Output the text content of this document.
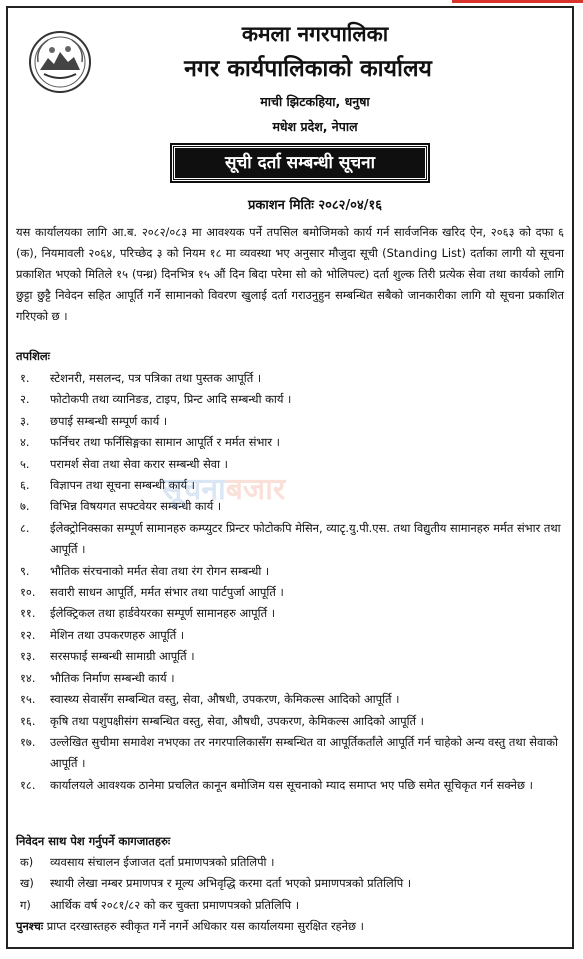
कमला नगरपालिका
नगर कार्यपालिकाको कार्यालय
माची झिटकहिया, धनुषा
मधेश प्रदेश, नेपाल
सूची दर्ता सम्बन्धी सूचना
प्रकाशन मितिः २०८२/०४/१६
यस कार्यालयका लागि आ.ब. २०८२/०८३ मा आवश्यक पर्ने तपसिल बमोजिमको कार्य गर्न सार्वजनिक खरिद ऐन, २०६३ को दफा ६ (क), नियमावली २०६४, परिच्छेद ३ को नियम १८ मा व्यवस्था भए अनुसार मौजुदा सूची (Standing List) दर्ताका लागी यो सूचना प्रकाशित भएको मितिले १५ (पन्ध्र) दिनभित्र १५ औं दिन बिदा परेमा सो को भोलिपल्ट) दर्ता शुल्क तिरी प्रत्येक सेवा तथा कार्यको लागि छुट्टा छुट्टै निवेदन सहित आपूर्ति गर्ने सामानको विवरण खुलाई दर्ता गराउनुहुन सम्बन्धित सबैको जानकारीका लागि यो सूचना प्रकाशित गरिएको छ ।
तपशिलः
१.	स्टेशनरी, मसलन्द, पत्र पत्रिका तथा पुस्तक आपूर्ति ।
२.	फोटोकपी तथा व्यानिङड, टाइप, प्रिन्ट आदि सम्बन्धी कार्य ।
३.	छपाई सम्बन्धी सम्पूर्ण कार्य ।
४.	फर्निचर तथा फर्निसिङ्गका सामान आपूर्ति र मर्मत संभार ।
५.	परामर्श सेवा तथा सेवा करार सम्बन्धी सेवा ।
६.	विज्ञापन तथा सूचना सम्बन्धी कार्य ।
७.	विभिन्न विषयगत सफ्टवेयर सम्बन्धी कार्य ।
८.	ईलेक्ट्रोनिक्सका सम्पूर्ण सामानहरु कम्प्युटर प्रिन्टर फोटोकपि मेसिन, व्याटृ.यु.पी.एस. तथा विद्युतीय सामानहरु मर्मत संभार तथा आपूर्ति ।
९.	भौतिक संरचनाको मर्मत सेवा तथा रंग रोगन सम्बन्धी ।
१०.	सवारी साधन आपूर्ति, मर्मत संभार तथा पार्टपुर्जा आपूर्ति ।
११.	ईलेक्ट्रिकल तथा हार्डवेयरका सम्पूर्ण सामानहरु आपूर्ति ।
१२.	मेशिन तथा उपकरणहरु आपूर्ति ।
१३.	सरसफाई सम्बन्धी सामाग्री आपूर्ति ।
१४.	भौतिक निर्माण सम्बन्धी कार्य ।
१५.	स्वास्थ्य सेवासँग सम्बन्धित वस्तु, सेवा, औषधी, उपकरण, केमिकल्स आदिको आपूर्ति ।
१६.	कृषि तथा पशुपक्षीसंग सम्बन्धित वस्तु, सेवा, औषधी, उपकरण, केमिकल्स आदिको आपूर्ति ।
१७.	उल्लेखित सुचीमा समावेश नभएका तर नगरपालिकासँग सम्बन्धित वा आपूर्तिकर्तांले आपूर्ति गर्न चाहेको अन्य वस्तु तथा सेवाको आपूर्ति ।
१८.	कार्यालयले आवश्यक ठानेमा प्रचलित कानून बमोजिम यस सूचनाको म्याद समाप्त भए पछि समेत सूचिकृत गर्न सक्नेछ ।
सूचनाबजार
निवेदन साथ पेश गर्नुपर्ने कागजातहरुः
क)	व्यवसाय संचालन ईजाजत दर्ता प्रमाणपत्रको प्रतिलिपी ।
ख)	स्थायी लेखा नम्बर प्रमाणपत्र र मूल्य अभिवृद्धि करमा दर्ता भएको प्रमाणपत्रको प्रतिलिपि ।
ग)	आर्थिक वर्ष २०८१/८२ को कर चुक्ता प्रमाणपत्रको प्रतिलिपि ।
पुनश्चः प्राप्त दरखास्तहरु स्वीकृत गर्ने नगर्ने अधिकार यस कार्यालयमा सुरक्षित रहनेछ ।
